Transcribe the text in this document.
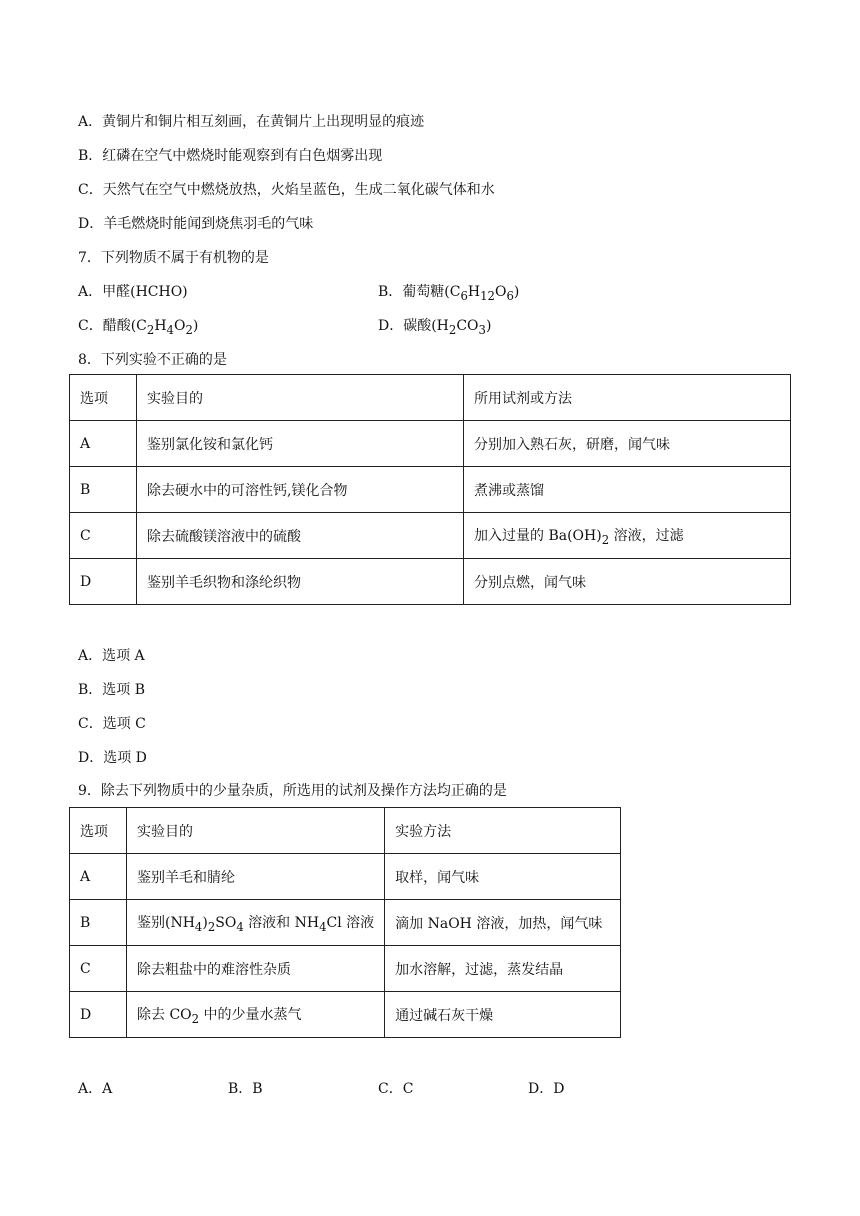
A．黄铜片和铜片相互刻画，在黄铜片上出现明显的痕迹
B．红磷在空气中燃烧时能观察到有白色烟雾出现
C．天然气在空气中燃烧放热，火焰呈蓝色，生成二氧化碳气体和水
D．羊毛燃烧时能闻到烧焦羽毛的气味
7．下列物质不属于有机物的是
A．甲醛(HCHO)	B．葡萄糖$(C_6H_{12}O_6)$
C．醋酸$(C_2H_4O_2)$	D．碳酸$(H_2CO_3)$
8．下列实验不正确的是
选项	实验目的	所用试剂或方法
A	鉴别氯化铵和氯化钙	分别加入熟石灰，研磨，闻气味
B	除去硬水中的可溶性钙,镁化合物	煮沸或蒸馏
C	除去硫酸镁溶液中的硫酸	加入过量的 $Ba(OH)_2$ 溶液，过滤
D	鉴别羊毛织物和涤纶织物	分别点燃，闻气味
A．选项 A
B．选项 B
C．选项 C
D．选项 D
9．除去下列物质中的少量杂质，所选用的试剂及操作方法均正确的是
选项	实验目的	实验方法
A	鉴别羊毛和腈纶	取样，闻气味
B	鉴别$(NH_4)_2SO_4$ 溶液和 $NH_4Cl$ 溶液	滴加 NaOH 溶液，加热，闻气味
C	除去粗盐中的难溶性杂质	加水溶解，过滤，蒸发结晶
D	除去 $CO_2$ 中的少量水蒸气	通过碱石灰干燥
A．A	B．B	C．C	D．D
